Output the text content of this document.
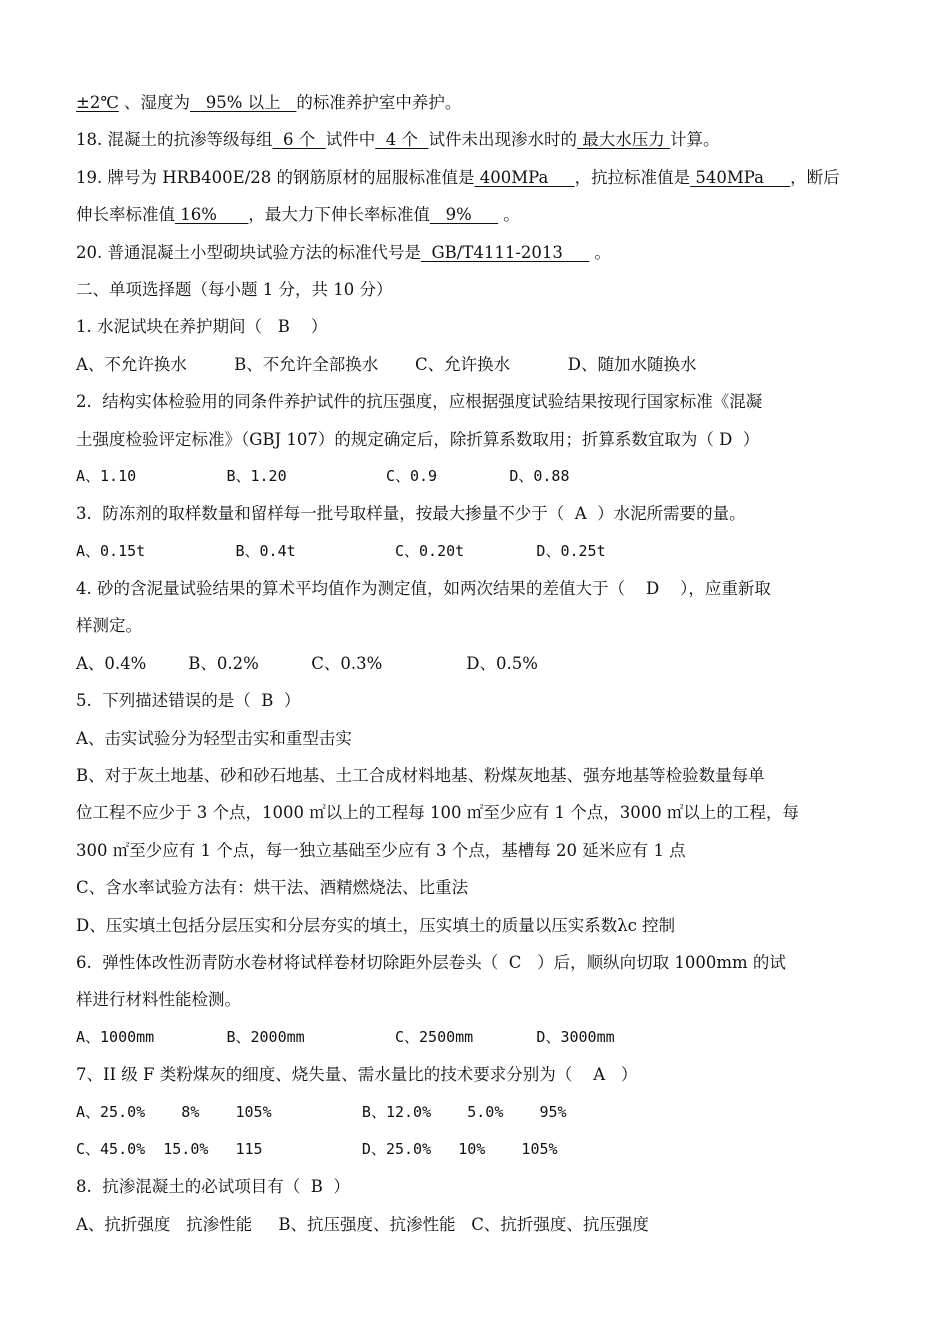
±2℃ 、湿度为   95% 以上   的标准养护室中养护。
18. 混凝土的抗渗等级每组  6 个  试件中  4 个  试件未出现渗水时的 最大水压力 计算。
19. 牌号为 HRB400E/28 的钢筋原材的屈服标准值是 400MPa     ，抗拉标准值是 540MPa     ，断后
伸长率标准值 16%      ，最大力下伸长率标准值   9%      。
20. 普通混凝土小型砌块试验方法的标准代号是  GB/T4111-2013      。
二、单项选择题（每小题 1 分，共 10 分）
1. 水泥试块在养护期间（   B    ）
A、不允许换水         B、不允许全部换水       C、允许换水           D、随加水随换水
2.  结构实体检验用的同条件养护试件的抗压强度，应根据强度试验结果按现行国家标准《混凝
土强度检验评定标准》（GBJ 107）的规定确定后，除折算系数取用；折算系数宜取为（ D  ）
A、1.10          B、1.20           C、0.9        D、0.88
3.  防冻剂的取样数量和留样每一批号取样量，按最大掺量不少于（  A  ）水泥所需要的量。
A、0.15t          B、0.4t           C、0.20t        D、0.25t
4. 砂的含泥量试验结果的算术平均值作为测定值，如两次结果的差值大于（    D    ），应重新取
样测定。
A、0.4%        B、0.2%          C、0.3%                D、0.5%
5.  下列描述错误的是（  B  ）
A、击实试验分为轻型击实和重型击实
B、对于灰土地基、砂和砂石地基、土工合成材料地基、粉煤灰地基、强夯地基等检验数量每单
位工程不应少于 3 个点，1000 ㎡以上的工程每 100 ㎡至少应有 1 个点，3000 ㎡以上的工程，每
300 ㎡至少应有 1 个点，每一独立基础至少应有 3 个点，基槽每 20 延米应有 1 点
C、含水率试验方法有：烘干法、酒精燃烧法、比重法
D、压实填土包括分层压实和分层夯实的填土，压实填土的质量以压实系数λc 控制
6.  弹性体改性沥青防水卷材将试样卷材切除距外层卷头（  C   ）后，顺纵向切取 1000mm 的试
样进行材料性能检测。
A、1000mm        B、2000mm          C、2500mm       D、3000mm
7、II 级 F 类粉煤灰的细度、烧失量、需水量比的技术要求分别为（    A   ）
A、25.0%    8%    105%          B、12.0%    5.0%    95%
C、45.0%  15.0%   115           D、25.0%   10%    105%
8.  抗渗混凝土的必试项目有（  B  ）
A、抗折强度   抗渗性能     B、抗压强度、抗渗性能   C、抗折强度、抗压强度
